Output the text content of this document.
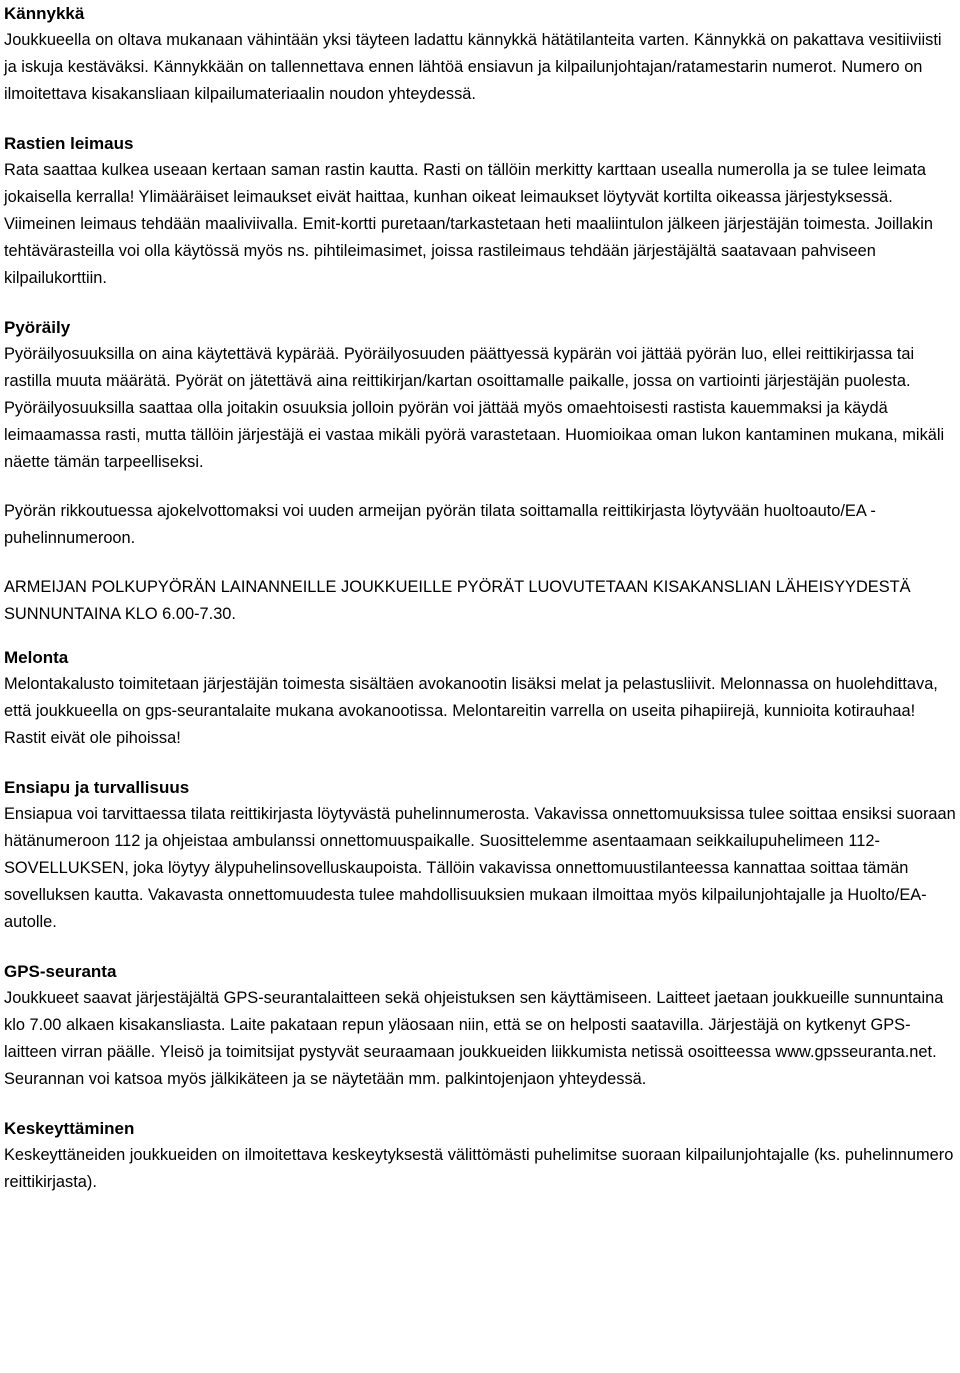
Kännykkä

Joukkueella on oltava mukanaan vähintään yksi täyteen ladattu kännykkä hätätilanteita varten. Kännykkä on pakattava vesitiiviisti ja iskuja kestäväksi. Kännykkään on tallennettava ennen lähtöä ensiavun ja kilpailunjohtajan/ratamestarin numerot. Numero on ilmoitettava kisakansliaan kilpailumateriaalin noudon yhteydessä.

Rastien leimaus

Rata saattaa kulkea useaan kertaan saman rastin kautta. Rasti on tällöin merkitty karttaan usealla numerolla ja se tulee leimata jokaisella kerralla! Ylimääräiset leimaukset eivät haittaa, kunhan oikeat leimaukset löytyvät kortilta oikeassa järjestyksessä. Viimeinen leimaus tehdään maaliviivalla. Emit-kortti puretaan/tarkastetaan heti maaliintulon jälkeen järjestäjän toimesta. Joillakin tehtävärasteilla voi olla käytössä myös ns. pihtileimasimet, joissa rastileimaus tehdään järjestäjältä saatavaan pahviseen kilpailukorttiin.

Pyöräily

Pyöräilyosuuksilla on aina käytettävä kypärää. Pyöräilyosuuden päättyessä kypärän voi jättää pyörän luo, ellei reittikirjassa tai rastilla muuta määrätä. Pyörät on jätettävä aina reittikirjan/kartan osoittamalle paikalle, jossa on vartiointi järjestäjän puolesta. Pyöräilyosuuksilla saattaa olla joitakin osuuksia jolloin pyörän voi jättää myös omaehtoisesti rastista kauemmaksi ja käydä leimaamassa rasti, mutta tällöin järjestäjä ei vastaa mikäli pyörä varastetaan. Huomioikaa oman lukon kantaminen mukana, mikäli näette tämän tarpeelliseksi.

Pyörän rikkoutuessa ajokelvottomaksi voi uuden armeijan pyörän tilata soittamalla reittikirjasta löytyvään huoltoauto/EA -puhelinnumeroon.

ARMEIJAN POLKUPYÖRÄN LAINANNEILLE JOUKKUEILLE PYÖRÄT LUOVUTETAAN KISAKANSLIAN LÄHEISYYDESTÄ SUNNUNTAINA KLO 6.00-7.30.

Melonta

Melontakalusto toimitetaan järjestäjän toimesta sisältäen avokanootin lisäksi melat ja pelastusliivit. Melonnassa on huolehdittava, että joukkueella on gps-seurantalaite mukana avokanootissa. Melontareitin varrella on useita pihapiirejä, kunnioita kotirauhaa! Rastit eivät ole pihoissa!

Ensiapu ja turvallisuus

Ensiapua voi tarvittaessa tilata reittikirjasta löytyvästä puhelinnumerosta. Vakavissa onnettomuuksissa tulee soittaa ensiksi suoraan hätänumeroon 112 ja ohjeistaa ambulanssi onnettomuuspaikalle. Suosittelemme asentaamaan seikkailupuhelimeen 112-SOVELLUKSEN, joka löytyy älypuhelinsovelluskaupoista. Tällöin vakavissa onnettomuustilanteessa kannattaa soittaa tämän sovelluksen kautta. Vakavasta onnettomuudesta tulee mahdollisuuksien mukaan ilmoittaa myös kilpailunjohtajalle ja Huolto/EA-autolle.

GPS-seuranta

Joukkueet saavat järjestäjältä GPS-seurantalaitteen sekä ohjeistuksen sen käyttämiseen. Laitteet jaetaan joukkueille sunnuntaina klo 7.00 alkaen kisakansliasta. Laite pakataan repun yläosaan niin, että se on helposti saatavilla. Järjestäjä on kytkenyt GPS-laitteen virran päälle. Yleisö ja toimitsijat pystyvät seuraamaan joukkueiden liikkumista netissä osoitteessa www.gpsseuranta.net. Seurannan voi katsoa myös jälkikäteen ja se näytetään mm. palkintojenjaon yhteydessä.

Keskeyttäminen

Keskeyttäneiden joukkueiden on ilmoitettava keskeytyksestä välittömästi puhelimitse suoraan kilpailunjohtajalle (ks. puhelinnumero reittikirjasta).
